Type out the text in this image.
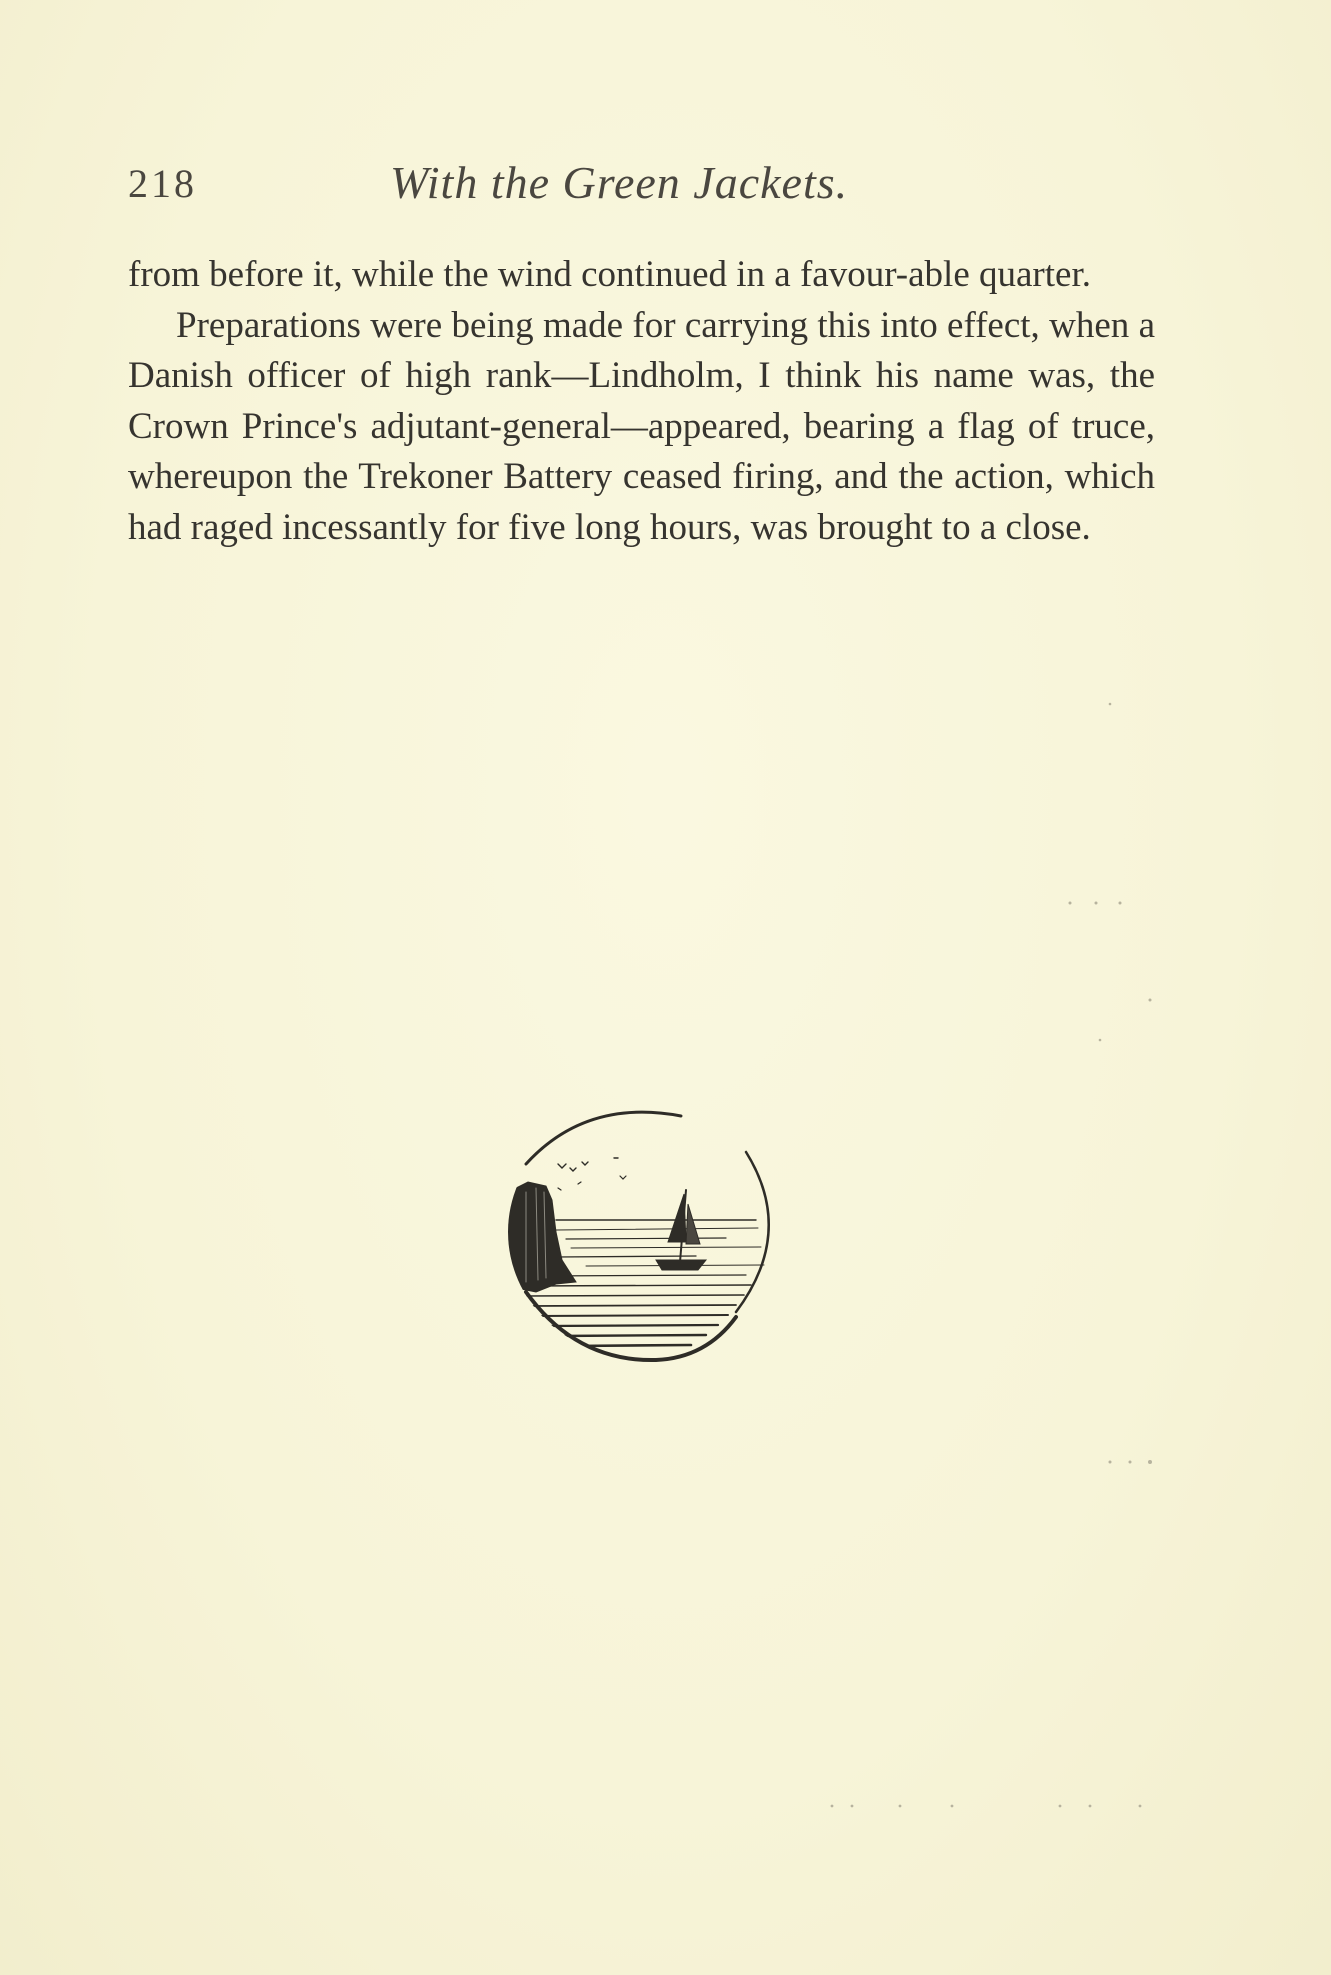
218	With the Green Jackets.

from before it, while the wind continued in a favour-able quarter.

Preparations were being made for carrying this into effect, when a Danish officer of high rank—Lindholm, I think his name was, the Crown Prince's adjutant-general—appeared, bearing a flag of truce, whereupon the Trekoner Battery ceased firing, and the action, which had raged incessantly for five long hours, was brought to a close.
